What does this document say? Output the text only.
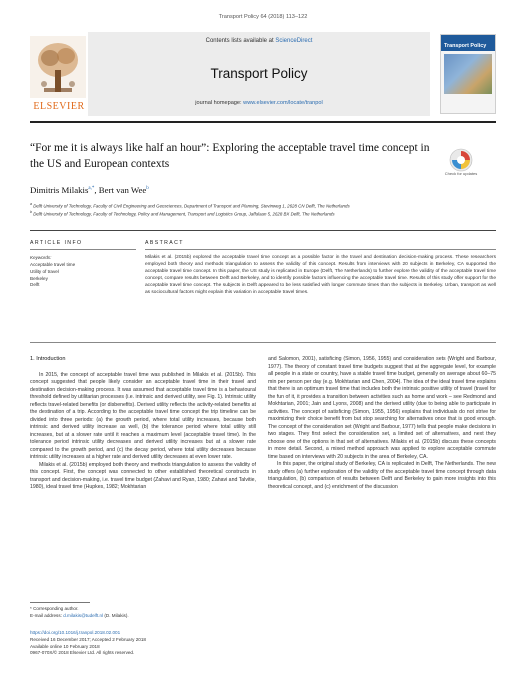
Transport Policy 64 (2018) 113–122
Contents lists available at ScienceDirect
Transport Policy
journal homepage: www.elsevier.com/locate/tranpol
ELSEVIER
Transport Policy
“For me it is always like half an hour”: Exploring the acceptable travel time concept in the US and European contexts
Check for updates
Dimitris Milakis$^{a,*}$, Bert van Wee$^b$
$^a$ Delft University of Technology, Faculty of Civil Engineering and Geosciences, Department of Transport and Planning, Stevinweg 1, 2628 CN Delft, The Netherlands
$^b$ Delft University of Technology, Faculty of Technology, Policy and Management, Transport and Logistics Group, Jaffalaan 5, 2628 BX Delft, The Netherlands
ARTICLE INFO
Keywords:
Acceptable travel time
Utility of travel
Berkeley
Delft
ABSTRACT
Milakis et al. (2015b) explored the acceptable travel time concept as a possible factor in the travel and destination decision-making process. These researchers employed both theory and methods triangulation to assess the validity of this concept. Results from interviews with 20 subjects in Berkeley, CA supported the acceptable travel time concept. In this paper, the US study is replicated in Europe (Delft, The Netherlands) to further explore the validity of the acceptable travel time concept, compare results between Delft and Berkeley, and to identify possible factors influencing the acceptable travel time. Results of this study offer support for the acceptable travel time concept. The subjects in Delft appeared to be less satisfied with longer commute times than the subjects in Berkeley. Urban, transport as well as sociocultural factors might explain this variation in acceptable travel times.
1. Introduction

In 2015, the concept of acceptable travel time was published in Milakis et al. (2015b). This concept suggested that people likely consider an acceptable travel time in their travel and destination decision-making process. It was assumed that acceptable travel time is a behavioural threshold defined by utilitarian processes (i.e. intrinsic and derived utility, see Fig. 1). Intrinsic utility reflects travel-related benefits (or disbenefits). Derived utility reflects the activity-related benefits at the destination of a trip. According to the acceptable travel time concept the trip timeline can be divided into three periods: (a) the growth period, where total utility increases, because both intrinsic and derived utility increase as well, (b) the tolerance period where total utility still increases, but at a slower rate until it reaches a maximum level (acceptable travel time). In the tolerance period intrinsic utility decreases and derived utility increases but at a slower rate compared to the growth period, and (c) the decay period, where total utility decreases because intrinsic utility increases at a higher rate and derived utility decreases at even lower rate.

Milakis et al. (2015b) employed both theory and methods triangulation to assess the validity of this concept. First, the concept was connected to other established theoretical constructs in transport and decision-making, i.e. travel time budget (Zahavi and Ryan, 1980; Zahavi and Talvitie, 1980), ideal travel time (Hupkes, 1982; Mokhtarian

and Salomon, 2001), satisficing (Simon, 1956, 1955) and consideration sets (Wright and Barbour, 1977). The theory of constant travel time budgets suggest that at the aggregate level, for example all people in a state or country, have a stable travel time budget, generally on average about 60–75 min per person per day (e.g. Mokhtarian and Chen, 2004). The idea of the ideal travel time explains that there is an optimum travel time that includes both the intrinsic positive utility of travel (travel for the fun of it, it provides a transition between activities such as home and work – see Redmond and Mokhtarian, 2001; Jain and Lyons, 2008) and the derived utility (due to being able to participate in activities. The concept of satisficing (Simon, 1955, 1956) explains that individuals do not strive for maximizing their choice benefit from but stop searching for alternatives once that is good enough. The concept of the consideration set (Wright and Barbour, 1977) tells that people make decisions in two stages. They first select the consideration set, a limited set of alternatives, and next they choose one of the options in that set of alternatives. Milakis et al. (2015b) discuss these concepts in more detail. Second, a mixed method approach was applied to explore acceptable commute time based on interviews with 20 subjects in the area of Berkeley, CA.

In this paper, the original study of Berkeley, CA is replicated in Delft, The Netherlands. The new study offers (a) further exploration of the validity of the acceptable travel time concept through data triangulation, (b) comparison of results between Delft and Berkeley to gain more insights into this theoretical concept, and (c) enrichment of the discussion

* Corresponding author.
E-mail address: d.milakis@tudelft.nl (D. Milakis).
https://doi.org/10.1016/j.tranpol.2018.02.001
Received 16 December 2017; Accepted 2 February 2018
Available online 10 February 2018
0967-070X/© 2018 Elsevier Ltd. All rights reserved.
